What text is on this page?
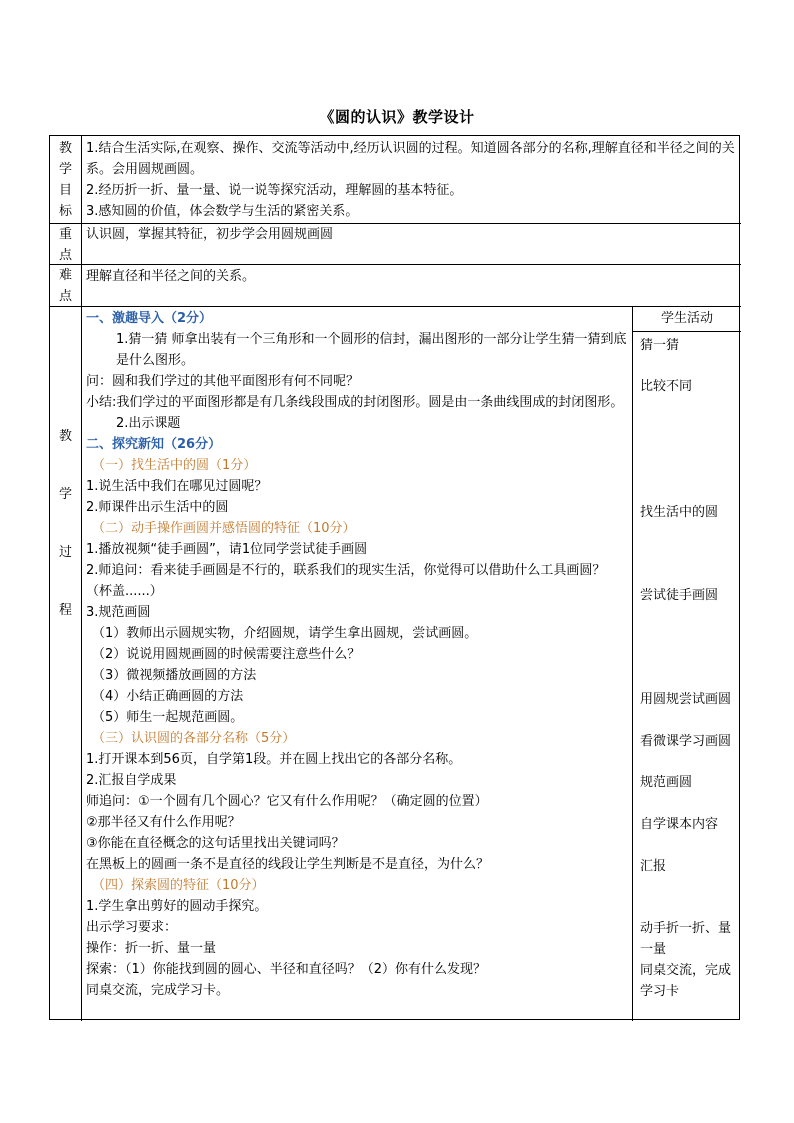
《圆的认识》教学设计
教
学
目
标
1.结合生活实际,在观察、操作、交流等活动中,经历认识圆的过程。知道圆各部分的名称,理解直径和半径之间的关系。会用圆规画圆。
2.经历折一折、量一量、说一说等探究活动，理解圆的基本特征。
3.感知圆的价值，体会数学与生活的紧密关系。
重
点
认识圆，掌握其特征，初步学会用圆规画圆
难
点
理解直径和半径之间的关系。
教
学
过
程
一、激趣导入（2分）
1.猜一猜 师拿出装有一个三角形和一个圆形的信封，漏出图形的一部分让学生猜一猜到底是什么图形。
问：圆和我们学过的其他平面图形有何不同呢？
小结:我们学过的平面图形都是有几条线段围成的封闭图形。圆是由一条曲线围成的封闭图形。
2.出示课题
二、探究新知（26分）
（一）找生活中的圆（1分）
1.说生活中我们在哪见过圆呢？
2.师课件出示生活中的圆
（二）动手操作画圆并感悟圆的特征（10分）
1.播放视频“徒手画圆”，请1位同学尝试徒手画圆
2.师追问：看来徒手画圆是不行的，联系我们的现实生活，你觉得可以借助什么工具画圆？（杯盖......）
3.规范画圆
（1）教师出示圆规实物，介绍圆规，请学生拿出圆规，尝试画圆。
（2）说说用圆规画圆的时候需要注意些什么？
（3）微视频播放画圆的方法
（4）小结正确画圆的方法
（5）师生一起规范画圆。
（三）认识圆的各部分名称（5分）
1.打开课本到56页，自学第1段。并在圆上找出它的各部分名称。
2.汇报自学成果
师追问：①一个圆有几个圆心？它又有什么作用呢？（确定圆的位置）
②那半径又有什么作用呢？
③你能在直径概念的这句话里找出关键词吗？
在黑板上的圆画一条不是直径的线段让学生判断是不是直径，为什么？
（四）探索圆的特征（10分）
1.学生拿出剪好的圆动手探究。
出示学习要求：
操作：折一折、量一量
探索：（1）你能找到圆的圆心、半径和直径吗？（2）你有什么发现？
同桌交流，完成学习卡。
学生活动
猜一猜
比较不同
找生活中的圆
尝试徒手画圆
用圆规尝试画圆
看微课学习画圆
规范画圆
自学课本内容
汇报
动手折一折、量一量
同桌交流，完成学习卡
